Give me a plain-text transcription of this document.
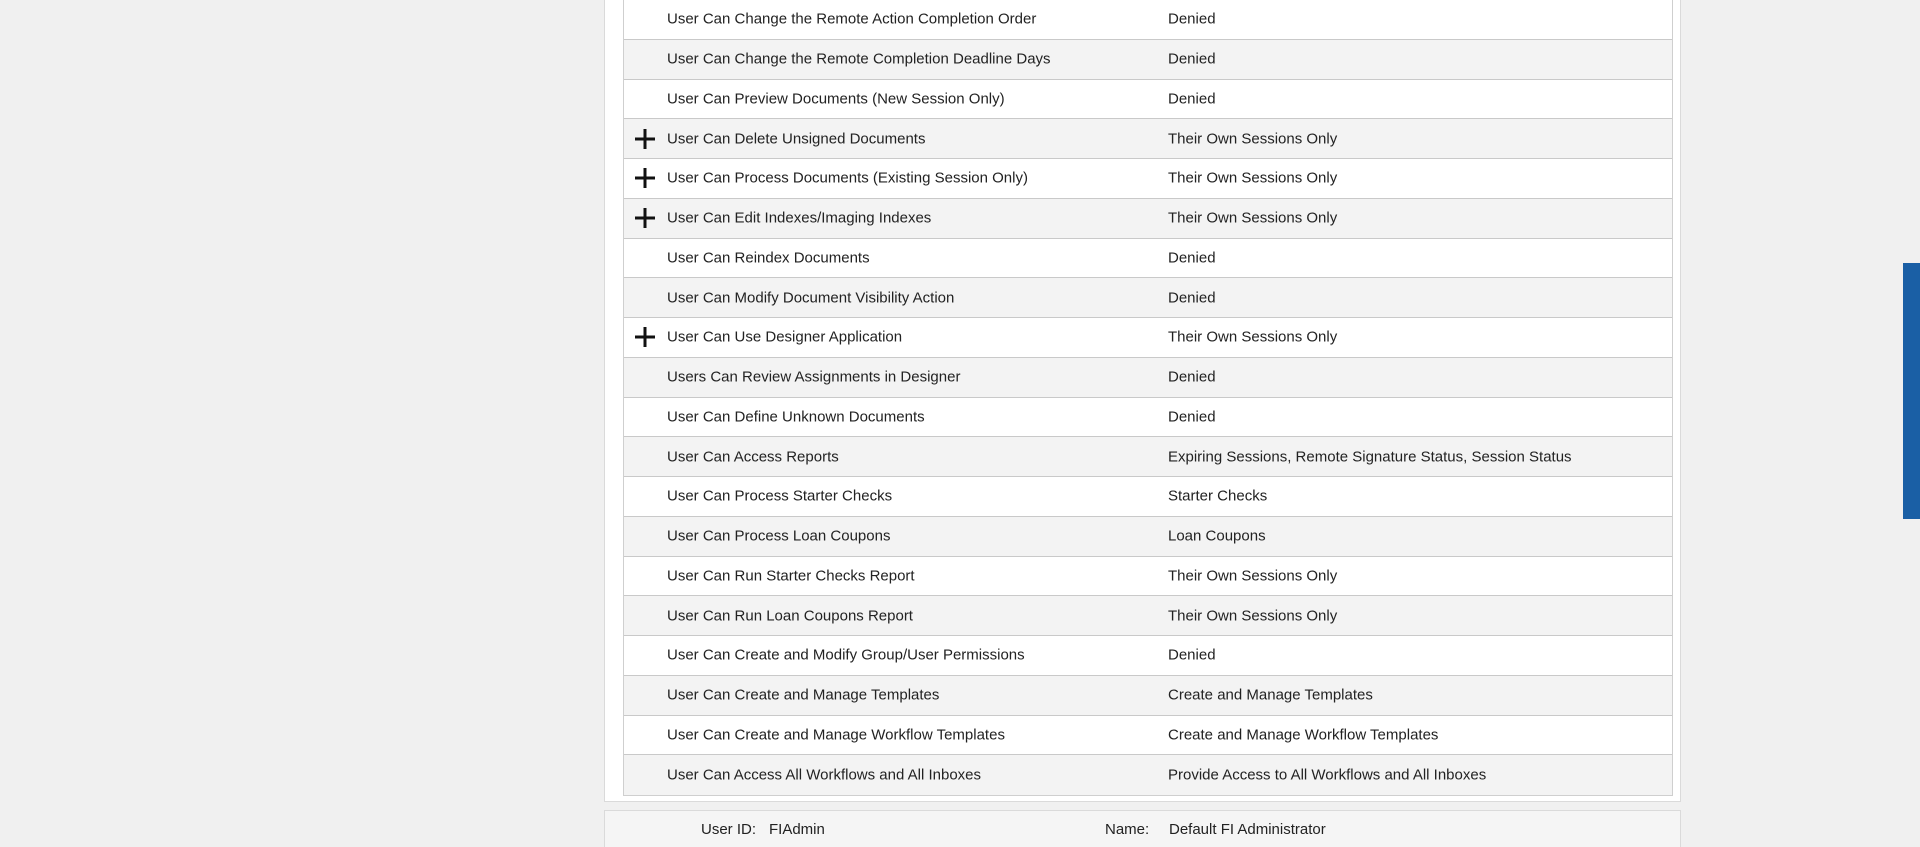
User Can Change the Remote Action Completion Order	Denied
User Can Change the Remote Completion Deadline Days	Denied
User Can Preview Documents (New Session Only)	Denied
User Can Delete Unsigned Documents	Their Own Sessions Only
User Can Process Documents (Existing Session Only)	Their Own Sessions Only
User Can Edit Indexes/Imaging Indexes	Their Own Sessions Only
User Can Reindex Documents	Denied
User Can Modify Document Visibility Action	Denied
User Can Use Designer Application	Their Own Sessions Only
Users Can Review Assignments in Designer	Denied
User Can Define Unknown Documents	Denied
User Can Access Reports	Expiring Sessions, Remote Signature Status, Session Status
User Can Process Starter Checks	Starter Checks
User Can Process Loan Coupons	Loan Coupons
User Can Run Starter Checks Report	Their Own Sessions Only
User Can Run Loan Coupons Report	Their Own Sessions Only
User Can Create and Modify Group/User Permissions	Denied
User Can Create and Manage Templates	Create and Manage Templates
User Can Create and Manage Workflow Templates	Create and Manage Workflow Templates
User Can Access All Workflows and All Inboxes	Provide Access to All Workflows and All Inboxes
User ID: FIAdmin	Name: Default FI Administrator
